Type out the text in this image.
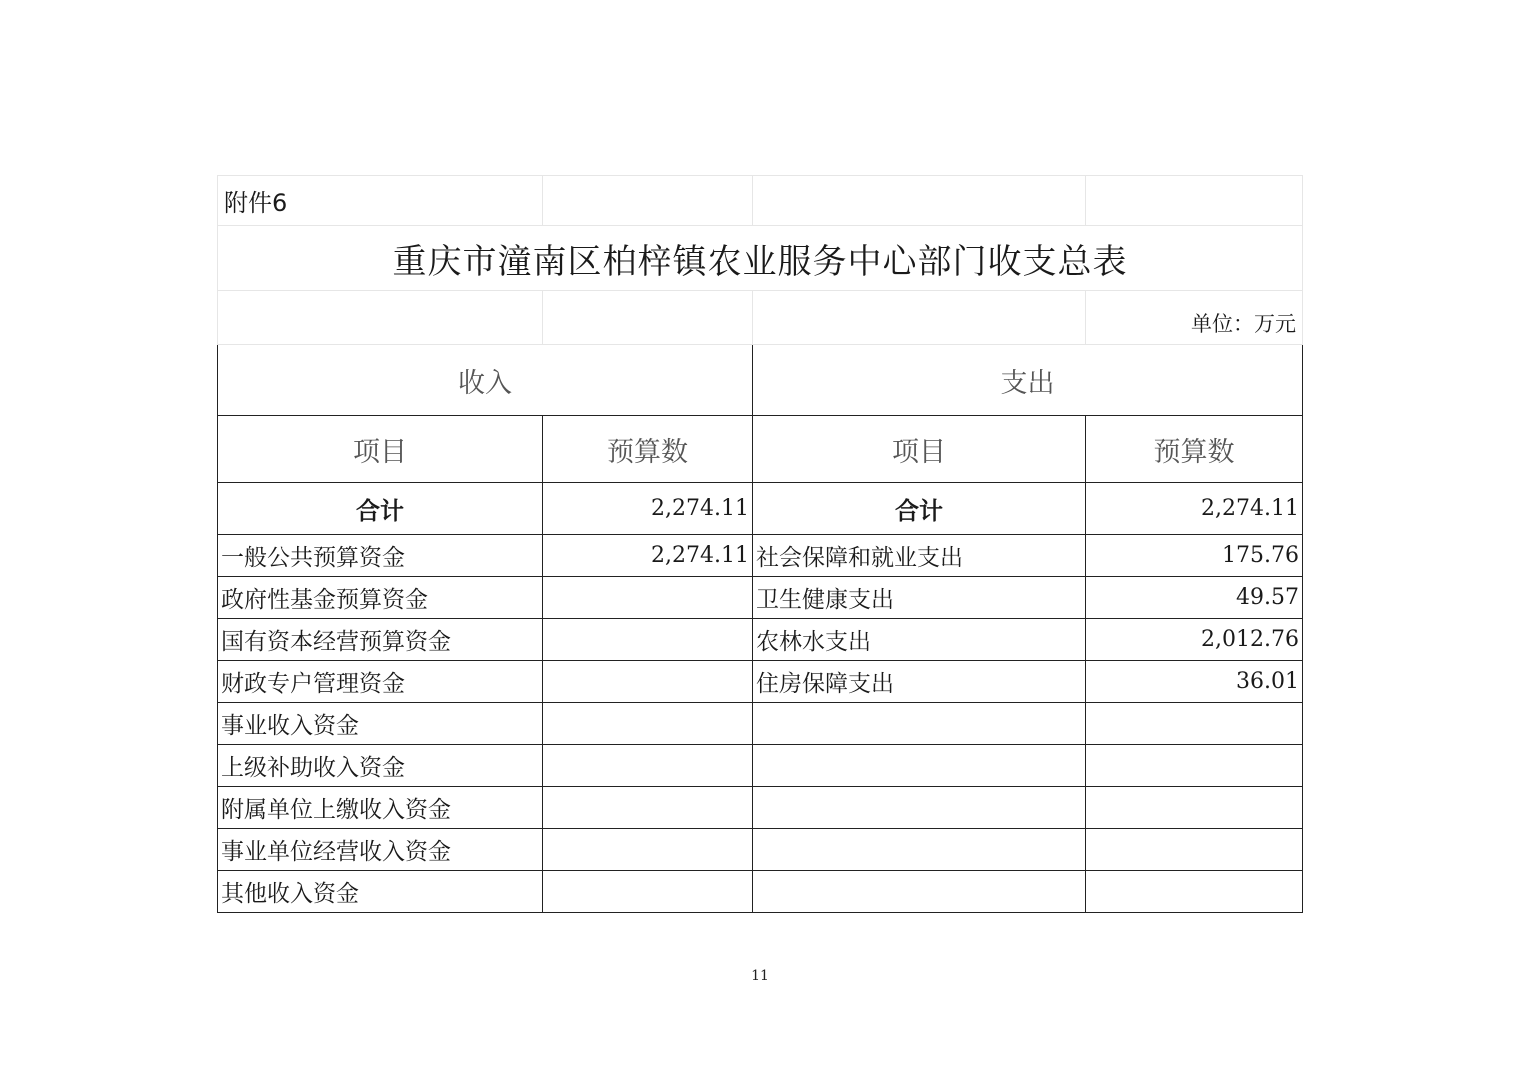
附件6			
重庆市潼南区柏梓镇农业服务中心部门收支总表			
			单位：万元
收入		支出	
项目	预算数	项目	预算数
合计	2,274.11	合计	2,274.11
一般公共预算资金	2,274.11	社会保障和就业支出	175.76
政府性基金预算资金		卫生健康支出	49.57
国有资本经营预算资金		农林水支出	2,012.76
财政专户管理资金		住房保障支出	36.01
事业收入资金			
上级补助收入资金			
附属单位上缴收入资金			
事业单位经营收入资金			
其他收入资金			
11
